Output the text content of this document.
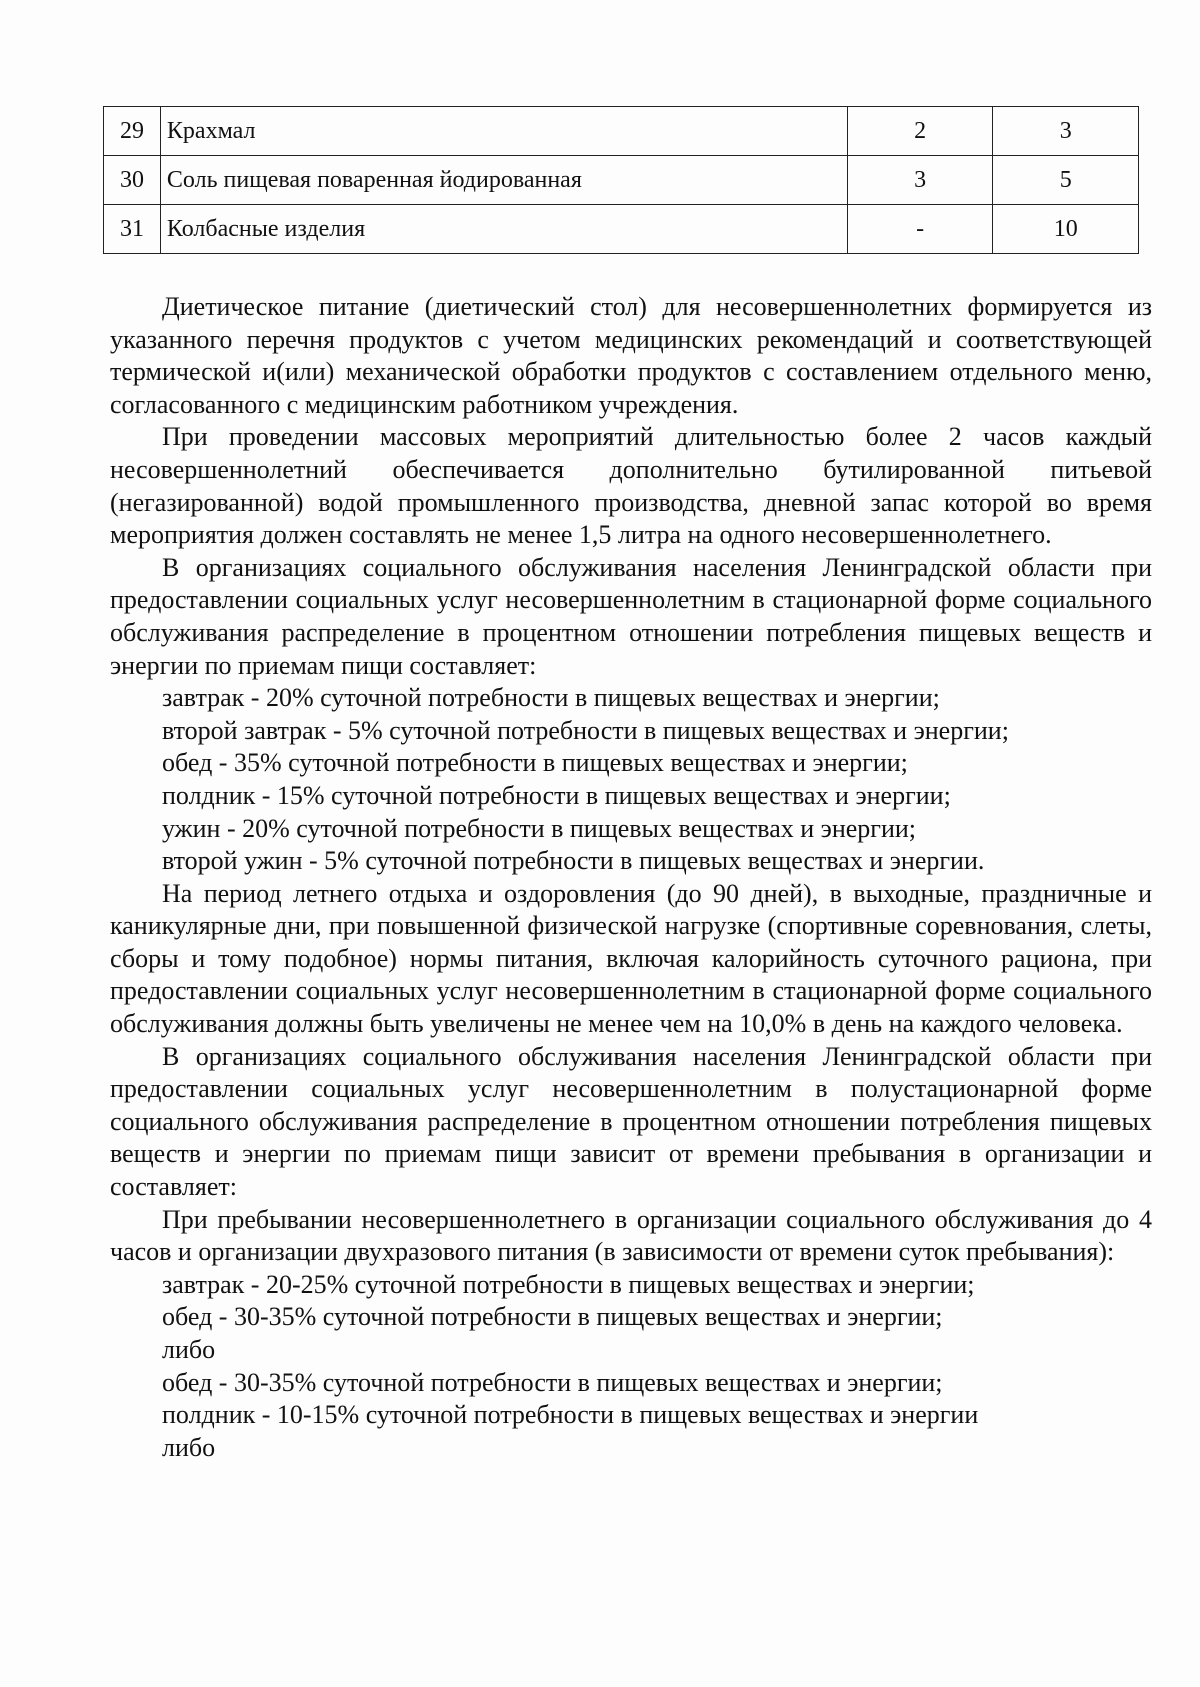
29	Крахмал	2	3
30	Соль пищевая поваренная йодированная	3	5
31	Колбасные изделия	-	10

Диетическое питание (диетический стол) для несовершеннолетних формируется из указанного перечня продуктов с учетом медицинских рекомендаций и соответствующей термической и(или) механической обработки продуктов с составлением отдельного меню, согласованного с медицинским работником учреждения.

При проведении массовых мероприятий длительностью более 2 часов каждый несовершеннолетний обеспечивается дополнительно бутилированной питьевой (негазированной) водой промышленного производства, дневной запас которой во время мероприятия должен составлять не менее 1,5 литра на одного несовершеннолетнего.

В организациях социального обслуживания населения Ленинградской области при предоставлении социальных услуг несовершеннолетним в стационарной форме социального обслуживания распределение в процентном отношении потребления пищевых веществ и энергии по приемам пищи составляет:

завтрак - 20% суточной потребности в пищевых веществах и энергии;

второй завтрак - 5% суточной потребности в пищевых веществах и энергии;

обед - 35% суточной потребности в пищевых веществах и энергии;

полдник - 15% суточной потребности в пищевых веществах и энергии;

ужин - 20% суточной потребности в пищевых веществах и энергии;

второй ужин - 5% суточной потребности в пищевых веществах и энергии.

На период летнего отдыха и оздоровления (до 90 дней), в выходные, праздничные и каникулярные дни, при повышенной физической нагрузке (спортивные соревнования, слеты, сборы и тому подобное) нормы питания, включая калорийность суточного рациона, при предоставлении социальных услуг несовершеннолетним в стационарной форме социального обслуживания должны быть увеличены не менее чем на 10,0% в день на каждого человека.

В организациях социального обслуживания населения Ленинградской области при предоставлении социальных услуг несовершеннолетним в полустационарной форме социального обслуживания распределение в процентном отношении потребления пищевых веществ и энергии по приемам пищи зависит от времени пребывания в организации и составляет:

При пребывании несовершеннолетнего в организации социального обслуживания до 4 часов и организации двухразового питания (в зависимости от времени суток пребывания):

завтрак - 20-25% суточной потребности в пищевых веществах и энергии;

обед - 30-35% суточной потребности в пищевых веществах и энергии;

либо

обед - 30-35% суточной потребности в пищевых веществах и энергии;

полдник - 10-15% суточной потребности в пищевых веществах и энергии

либо
